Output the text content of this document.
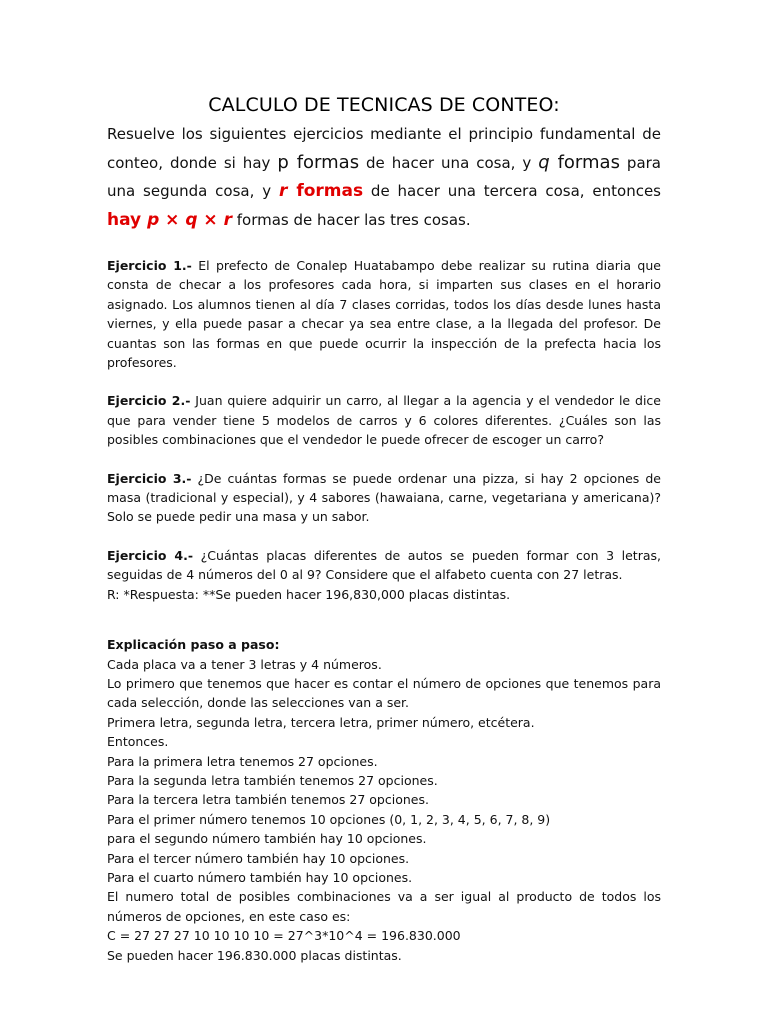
CALCULO DE TECNICAS DE CONTEO:

Resuelve los siguientes ejercicios mediante el principio fundamental de conteo, donde si hay p formas de hacer una cosa, y q formas para una segunda cosa, y r formas de hacer una tercera cosa, entonces hay p × q × r formas de hacer las tres cosas.

Ejercicio 1.- El prefecto de Conalep Huatabampo debe realizar su rutina diaria que consta de checar a los profesores cada hora, si imparten sus clases en el horario asignado. Los alumnos tienen al día 7 clases corridas, todos los días desde lunes hasta viernes, y ella puede pasar a checar ya sea entre clase, a la llegada del profesor. De cuantas son las formas en que puede ocurrir la inspección de la prefecta hacia los profesores.

Ejercicio 2.- Juan quiere adquirir un carro, al llegar a la agencia y el vendedor le dice que para vender tiene 5 modelos de carros y 6 colores diferentes. ¿Cuáles son las posibles combinaciones que el vendedor le puede ofrecer de escoger un carro?

Ejercicio 3.- ¿De cuántas formas se puede ordenar una pizza, si hay 2 opciones de masa (tradicional y especial), y 4 sabores (hawaiana, carne, vegetariana y americana)? Solo se puede pedir una masa y un sabor.

Ejercicio 4.- ¿Cuántas placas diferentes de autos se pueden formar con 3 letras, seguidas de 4 números del 0 al 9? Considere que el alfabeto cuenta con 27 letras.

R: *Respuesta: **Se pueden hacer 196,830,000 placas distintas.

Explicación paso a paso:

Cada placa va a tener 3 letras y 4 números.

Lo primero que tenemos que hacer es contar el número de opciones que tenemos para cada selección, donde las selecciones van a ser.

Primera letra, segunda letra, tercera letra, primer número, etcétera.

Entonces.

Para la primera letra tenemos 27 opciones.

Para la segunda letra también tenemos 27 opciones.

Para la tercera letra también tenemos 27 opciones.

Para el primer número tenemos 10 opciones (0, 1, 2, 3, 4, 5, 6, 7, 8, 9)

para el segundo número también hay 10 opciones.

Para el tercer número también hay 10 opciones.

Para el cuarto número también hay 10 opciones.

El numero total de posibles combinaciones va a ser igual al producto de todos los números de opciones, en este caso es:

C = 27 27 27 10 10 10 10 = 27^3*10^4 = 196.830.000

Se pueden hacer 196.830.000 placas distintas.
